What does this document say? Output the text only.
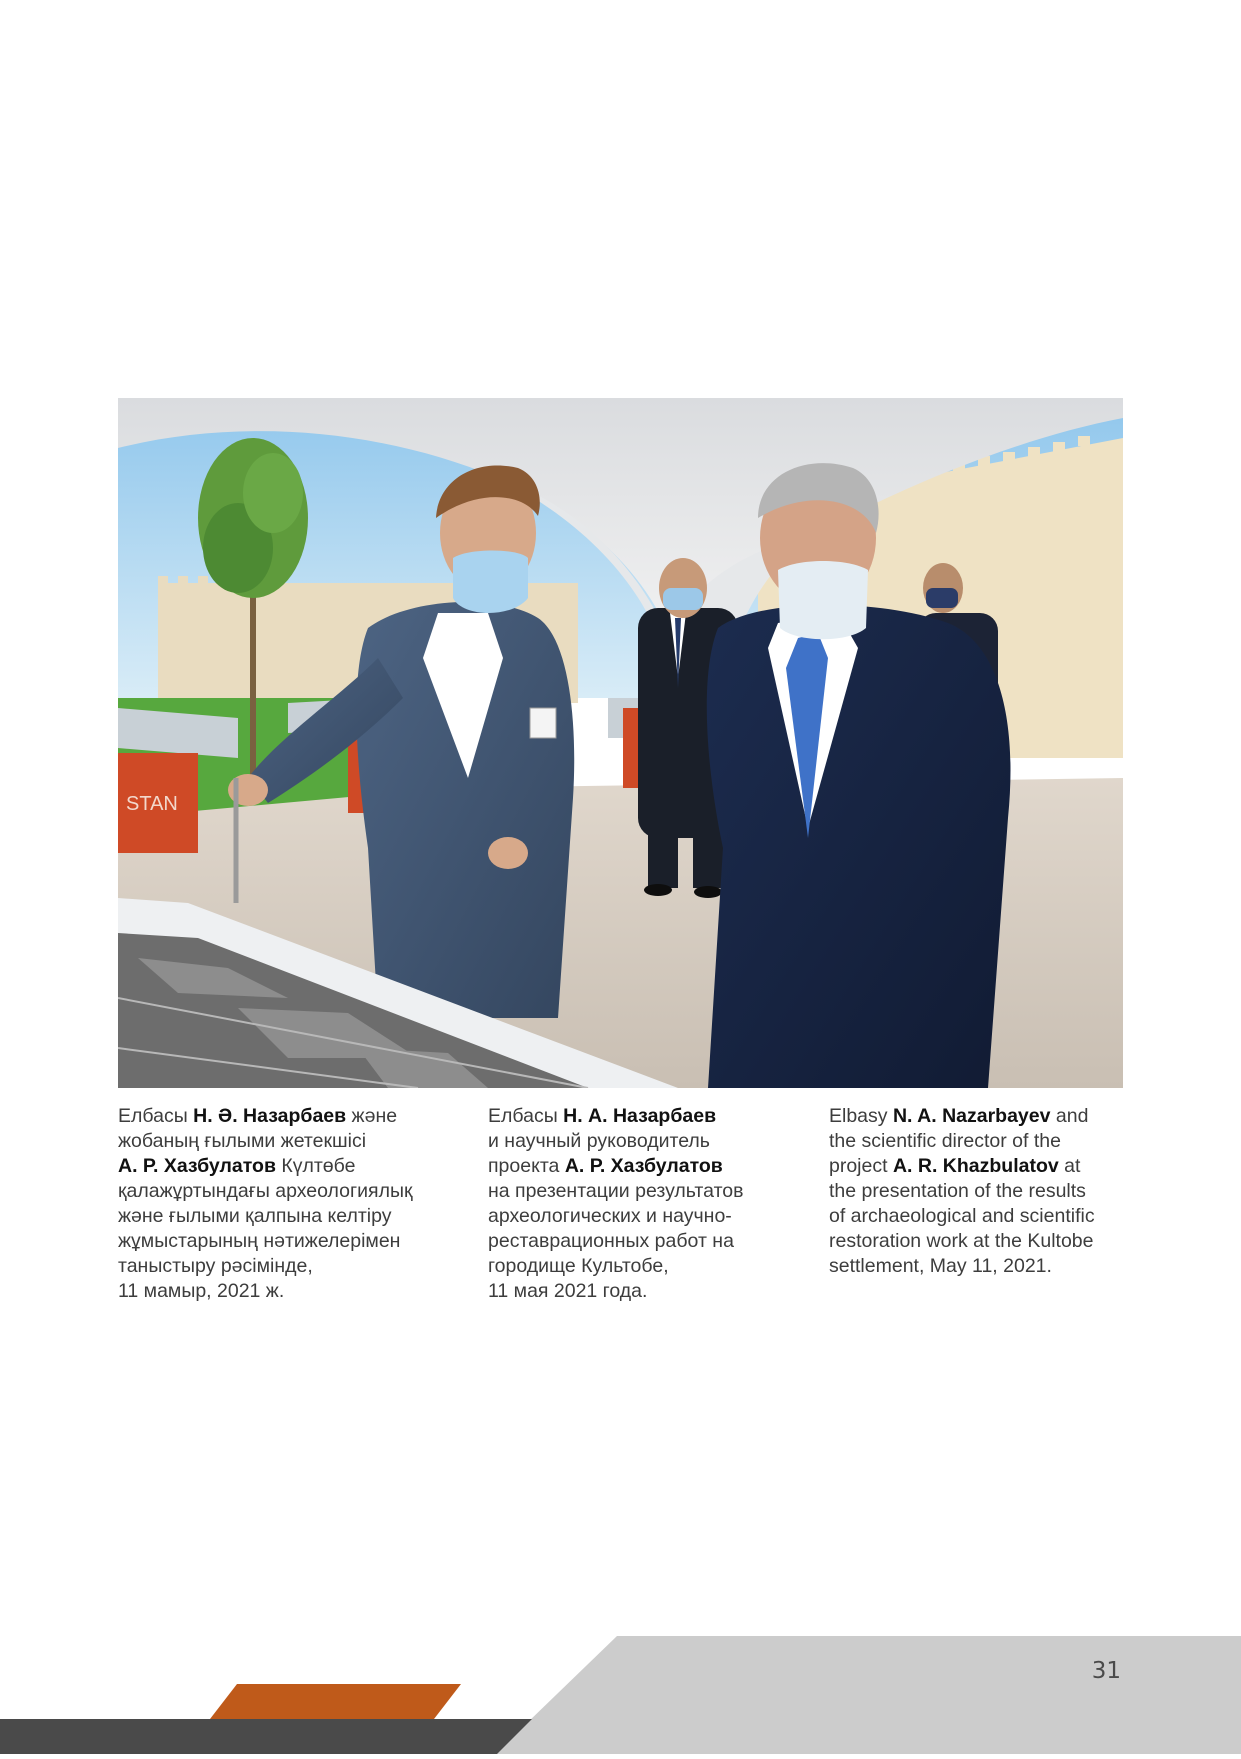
STAN

Елбасы Н. Ә. Назарбаев және
жобаның ғылыми жетекшісі
А. Р. Хазбулатов Күлтөбе
қалажұртындағы археологиялық
және ғылыми қалпына келтіру
жұмыстарының нәтижелерімен
таныстыру рәсімінде,
11 мамыр, 2021 ж.

Елбасы Н. А. Назарбаев
и научный руководитель
проекта А. Р. Хазбулатов
на презентации результатов
археологических и научно-
реставрационных работ на
городище Культобе,
11 мая 2021 года.

Elbasy N. A. Nazarbayev and
the scientific director of the
project A. R. Khazbulatov at
the presentation of the results
of archaeological and scientific
restoration work at the Kultobe
settlement, May 11, 2021.

31
